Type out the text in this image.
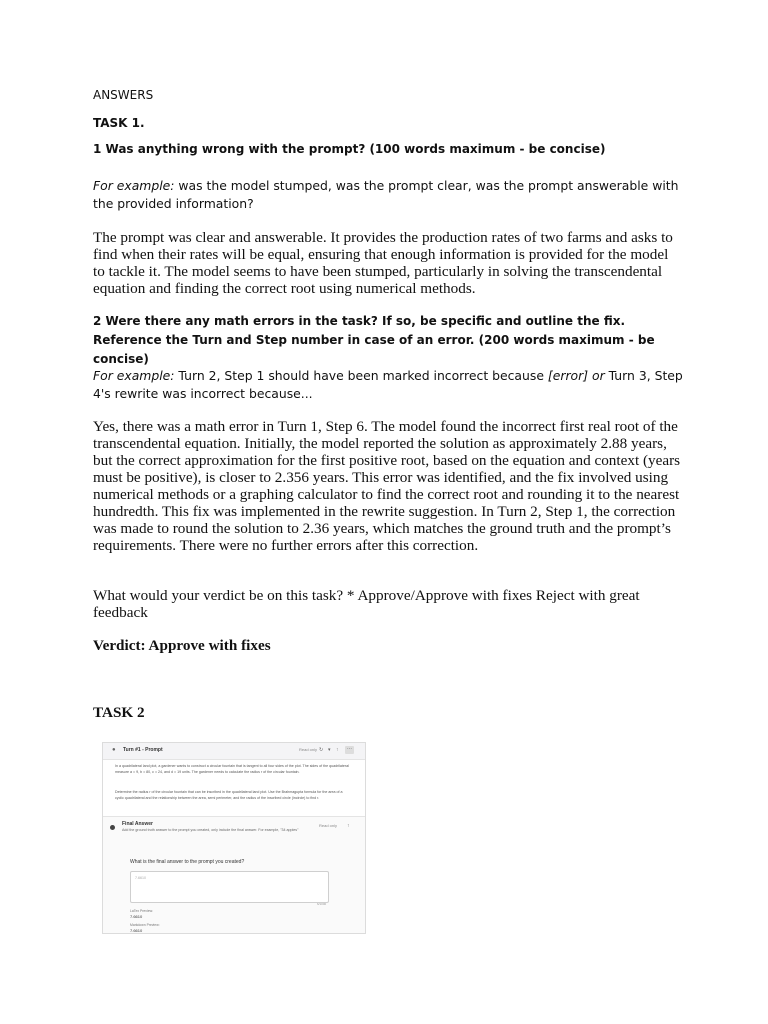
ANSWERS

TASK 1.

1 Was anything wrong with the prompt? (100 words maximum - be concise)

For example: was the model stumped, was the prompt clear, was the prompt answerable with the provided information?

The prompt was clear and answerable. It provides the production rates of two farms and asks to find when their rates will be equal, ensuring that enough information is provided for the model to tackle it. The model seems to have been stumped, particularly in solving the transcendental equation and finding the correct root using numerical methods.

2 Were there any math errors in the task? If so, be specific and outline the fix. Reference the Turn and Step number in case of an error. (200 words maximum - be concise)

For example: Turn 2, Step 1 should have been marked incorrect because [error] or Turn 3, Step 4's rewrite was incorrect because...

Yes, there was a math error in Turn 1, Step 6. The model found the incorrect first real root of the transcendental equation. Initially, the model reported the solution as approximately 2.88 years, but the correct approximation for the first positive root, based on the equation and context (years must be positive), is closer to 2.356 years. This error was identified, and the fix involved using numerical methods or a graphing calculator to find the correct root and rounding it to the nearest hundredth. This fix was implemented in the rewrite suggestion. In Turn 2, Step 1, the correction was made to round the solution to 2.36 years, which matches the ground truth and the prompt’s requirements. There were no further errors after this correction.

What would your verdict be on this task? * Approve/Approve with fixes Reject with great feedback

Verdict: Approve with fixes

TASK 2

● Turn #1 - Prompt	Read only ↻ ▾ ↑	⋯

In a quadrilateral land plot, a gardener wants to construct a circular fountain that is tangent to all four sides of the plot. The sides of the quadrilateral measure a = 9, b = 80, c = 24, and d = 19 units. The gardener needs to calculate the radius r of the circular fountain.

Determine the radius r of the circular fountain that can be inscribed in the quadrilateral land plot. Use the Brahmagupta formula for the area of a cyclic quadrilateral and the relationship between the area, semi perimeter, and the radius of the inscribed circle (incircle) to find r.

Final Answer
Add the ground truth answer to the prompt you created, only include the final answer. For example, "34 apples"
Read only ↑
What is the final answer to the prompt you created?
7.6610
6/1000
LaTex Preview:
7.6610
Markdown Preview:
7.6610
